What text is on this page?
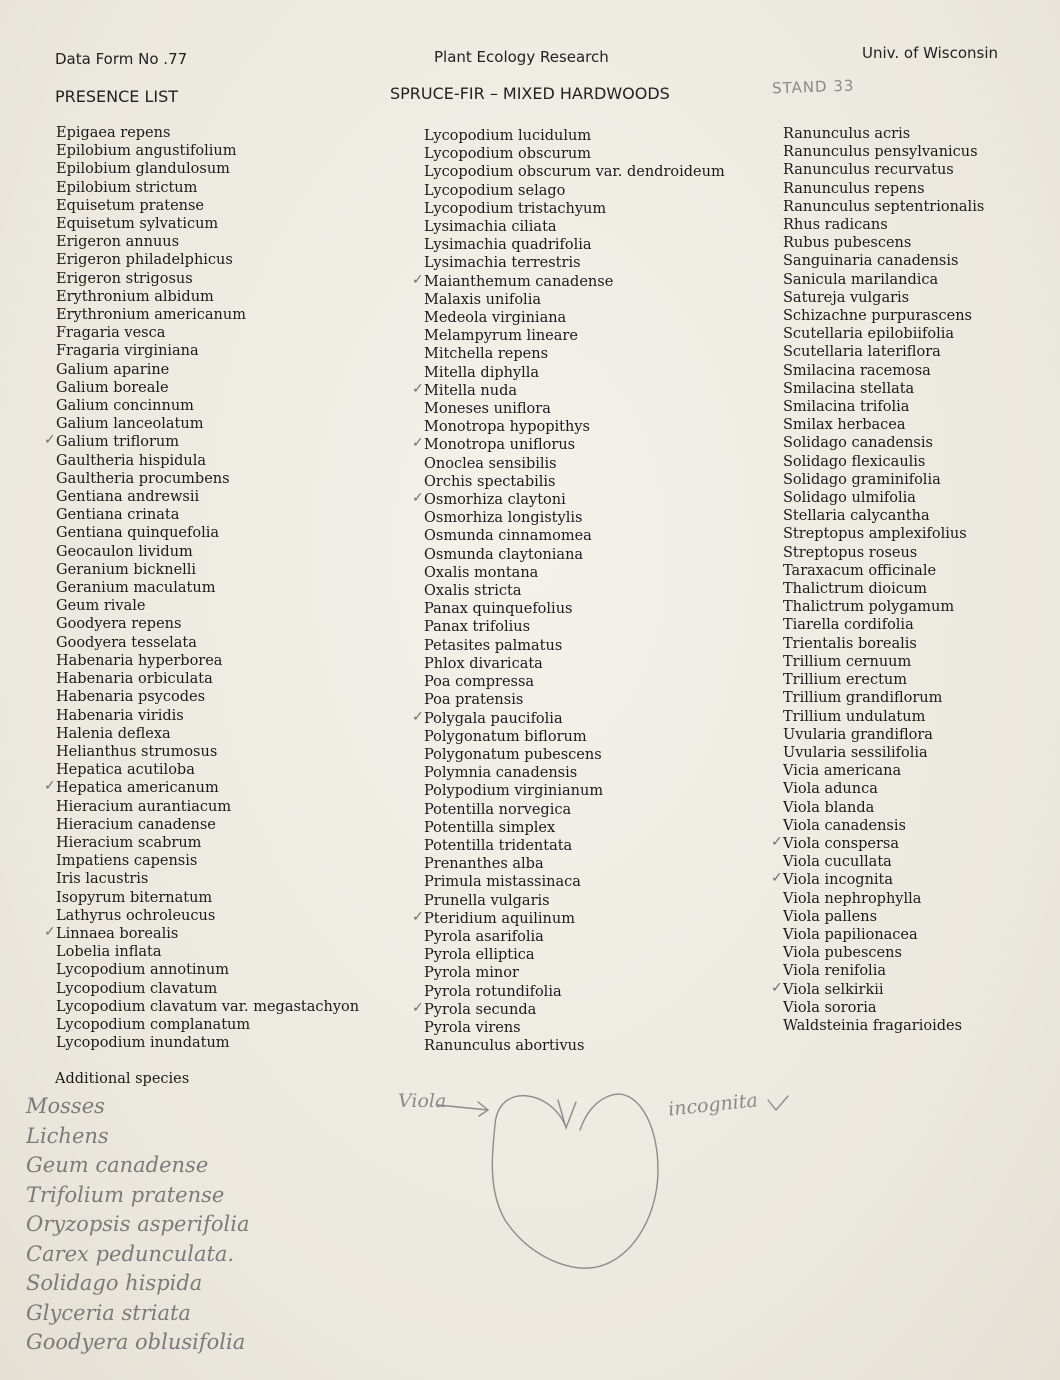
Data Form No .77	Plant Ecology Research	Univ. of Wisconsin
PRESENCE LIST	SPRUCE-FIR – MIXED HARDWOODS	STAND 33
Epigaea repens
Epilobium angustifolium
Epilobium glandulosum
Epilobium strictum
Equisetum pratense
Equisetum sylvaticum
Erigeron annuus
Erigeron philadelphicus
Erigeron strigosus
Erythronium albidum
Erythronium americanum
Fragaria vesca
Fragaria virginiana
Galium aparine
Galium boreale
Galium concinnum
Galium lanceolatum
✓ Galium triflorum
Gaultheria hispidula
Gaultheria procumbens
Gentiana andrewsii
Gentiana crinata
Gentiana quinquefolia
Geocaulon lividum
Geranium bicknelli
Geranium maculatum
Geum rivale
Goodyera repens
Goodyera tesselata
Habenaria hyperborea
Habenaria orbiculata
Habenaria psycodes
Habenaria viridis
Halenia deflexa
Helianthus strumosus
Hepatica acutiloba
✓ Hepatica americanum
Hieracium aurantiacum
Hieracium canadense
Hieracium scabrum
Impatiens capensis
Iris lacustris
Isopyrum biternatum
Lathyrus ochroleucus
✓ Linnaea borealis
Lobelia inflata
Lycopodium annotinum
Lycopodium clavatum
Lycopodium clavatum var. megastachyon
Lycopodium complanatum
Lycopodium inundatum
Lycopodium lucidulum
Lycopodium obscurum
Lycopodium obscurum var. dendroideum
Lycopodium selago
Lycopodium tristachyum
Lysimachia ciliata
Lysimachia quadrifolia
Lysimachia terrestris
✓ Maianthemum canadense
Malaxis unifolia
Medeola virginiana
Melampyrum lineare
Mitchella repens
Mitella diphylla
✓ Mitella nuda
Moneses uniflora
Monotropa hypopithys
✓ Monotropa uniflorus
Onoclea sensibilis
Orchis spectabilis
✓ Osmorhiza claytoni
Osmorhiza longistylis
Osmunda cinnamomea
Osmunda claytoniana
Oxalis montana
Oxalis stricta
Panax quinquefolius
Panax trifolius
Petasites palmatus
Phlox divaricata
Poa compressa
Poa pratensis
✓ Polygala paucifolia
Polygonatum biflorum
Polygonatum pubescens
Polymnia canadensis
Polypodium virginianum
Potentilla norvegica
Potentilla simplex
Potentilla tridentata
Prenanthes alba
Primula mistassinaca
Prunella vulgaris
✓ Pteridium aquilinum
Pyrola asarifolia
Pyrola elliptica
Pyrola minor
Pyrola rotundifolia
✓ Pyrola secunda
Pyrola virens
Ranunculus abortivus
Ranunculus acris
Ranunculus pensylvanicus
Ranunculus recurvatus
Ranunculus repens
Ranunculus septentrionalis
Rhus radicans
Rubus pubescens
Sanguinaria canadensis
Sanicula marilandica
Satureja vulgaris
Schizachne purpurascens
Scutellaria epilobiifolia
Scutellaria lateriflora
Smilacina racemosa
Smilacina stellata
Smilacina trifolia
Smilax herbacea
Solidago canadensis
Solidago flexicaulis
Solidago graminifolia
Solidago ulmifolia
Stellaria calycantha
Streptopus amplexifolius
Streptopus roseus
Taraxacum officinale
Thalictrum dioicum
Thalictrum polygamum
Tiarella cordifolia
Trientalis borealis
Trillium cernuum
Trillium erectum
Trillium grandiflorum
Trillium undulatum
Uvularia grandiflora
Uvularia sessilifolia
Vicia americana
Viola adunca
Viola blanda
Viola canadensis
✓ Viola conspersa
Viola cucullata
✓ Viola incognita
Viola nephrophylla
Viola pallens
Viola papilionacea
Viola pubescens
Viola renifolia
✓ Viola selkirkii
Viola sororia
Waldsteinia fragarioides
Additional species
Mosses
Lichens
Geum canadense
Trifolium pratense
Oryzopsis asperifolia
Carex pedunculata.
Solidago hispida
Glyceria striata
Goodyera oblusifolia
Viola	incognita
